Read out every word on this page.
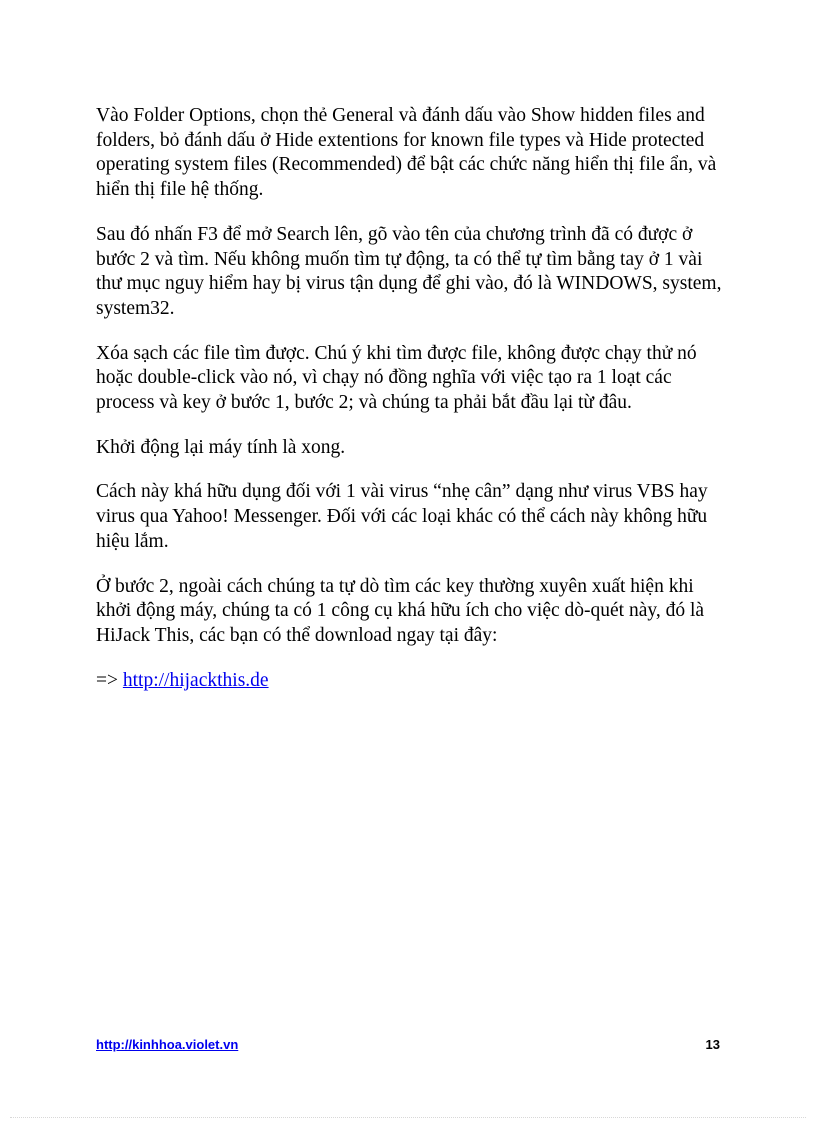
Vào Folder Options, chọn thẻ General và đánh dấu vào Show hidden files and folders, bỏ đánh dấu ở Hide extentions for known file types và Hide protected operating system files (Recommended) để bật các chức năng hiển thị file ẩn, và hiển thị file hệ thống.

Sau đó nhấn F3 để mở Search lên, gõ vào tên của chương trình đã có được ở bước 2 và tìm. Nếu không muốn tìm tự động, ta có thể tự tìm bằng tay ở 1 vài thư mục nguy hiểm hay bị virus tận dụng để ghi vào, đó là WINDOWS, system, system32.

Xóa sạch các file tìm được. Chú ý khi tìm được file, không được chạy thử nó hoặc double-click vào nó, vì chạy nó đồng nghĩa với việc tạo ra 1 loạt các process và key ở bước 1, bước 2; và chúng ta phải bắt đầu lại từ đâu.

Khởi động lại máy tính là xong.

Cách này khá hữu dụng đối với 1 vài virus “nhẹ cân” dạng như virus VBS hay virus qua Yahoo! Messenger. Đối với các loại khác có thể cách này không hữu hiệu lắm.

Ở bước 2, ngoài cách chúng ta tự dò tìm các key thường xuyên xuất hiện khi khởi động máy, chúng ta có 1 công cụ khá hữu ích cho việc dò-quét này, đó là HiJack This, các bạn có thể download ngay tại đây:

=> http://hijackthis.de

http://kinhhoa.violet.vn	13
